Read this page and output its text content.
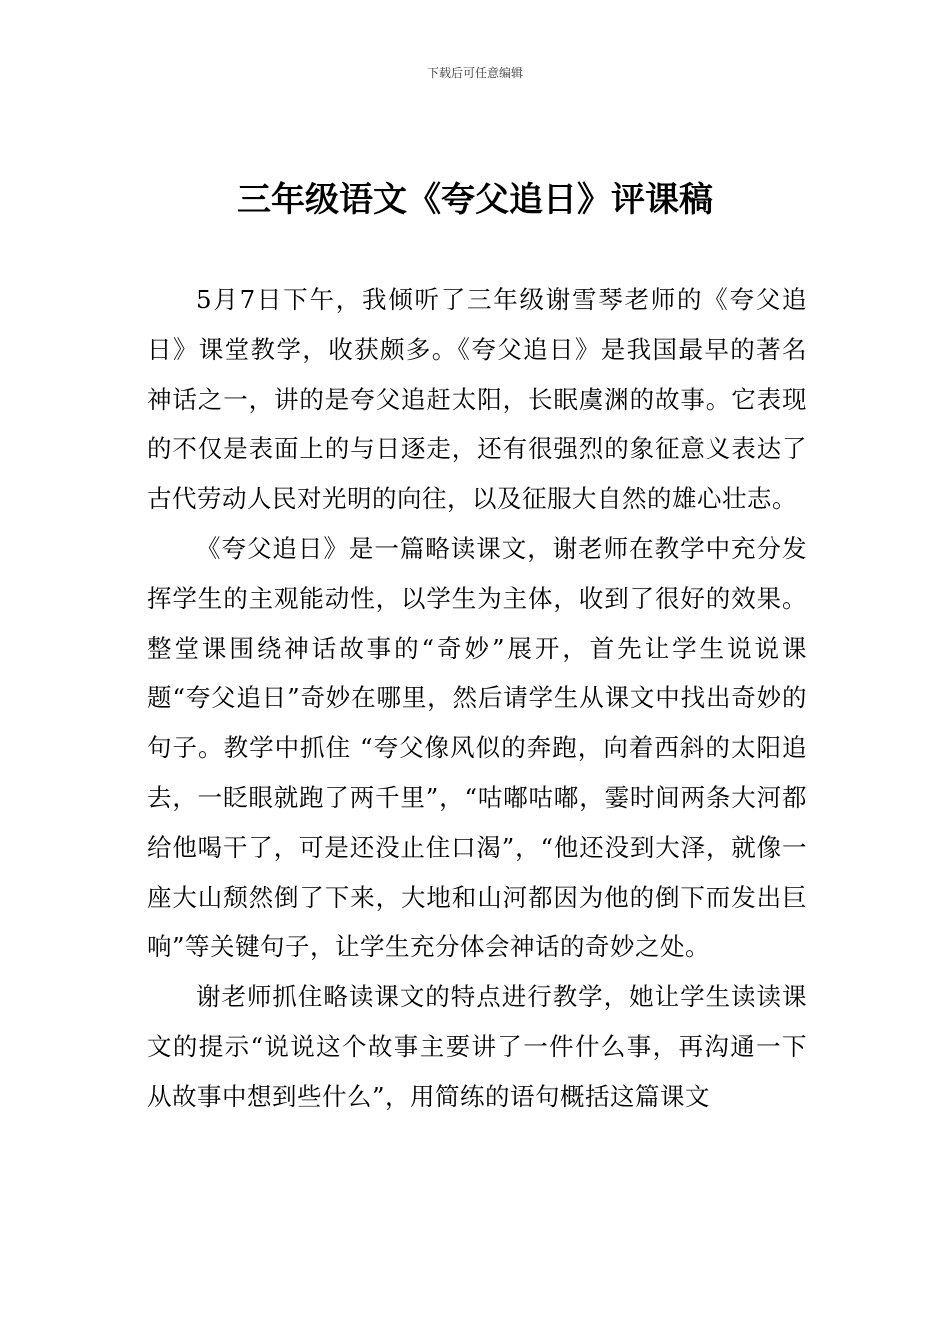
下载后可任意编辑
三年级语文《夸父追日》评课稿

5月7日下午，我倾听了三年级谢雪琴老师的《夸父追日》课堂教学，收获颇多。《夸父追日》是我国最早的著名神话之一，讲的是夸父追赶太阳，长眠虞渊的故事。它表现的不仅是表面上的与日逐走，还有很强烈的象征意义表达了古代劳动人民对光明的向往，以及征服大自然的雄心壮志。

《夸父追日》是一篇略读课文，谢老师在教学中充分发挥学生的主观能动性，以学生为主体，收到了很好的效果。整堂课围绕神话故事的“奇妙”展开，首先让学生说说课题“夸父追日”奇妙在哪里，然后请学生从课文中找出奇妙的句子。教学中抓住 “夸父像风似的奔跑，向着西斜的太阳追去，一眨眼就跑了两千里”，“咕嘟咕嘟，霎时间两条大河都给他喝干了，可是还没止住口渴”，“他还没到大泽，就像一座大山颓然倒了下来，大地和山河都因为他的倒下而发出巨响”等关键句子，让学生充分体会神话的奇妙之处。

谢老师抓住略读课文的特点进行教学，她让学生读读课文的提示“说说这个故事主要讲了一件什么事，再沟通一下从故事中想到些什么”，用简练的语句概括这篇课文
